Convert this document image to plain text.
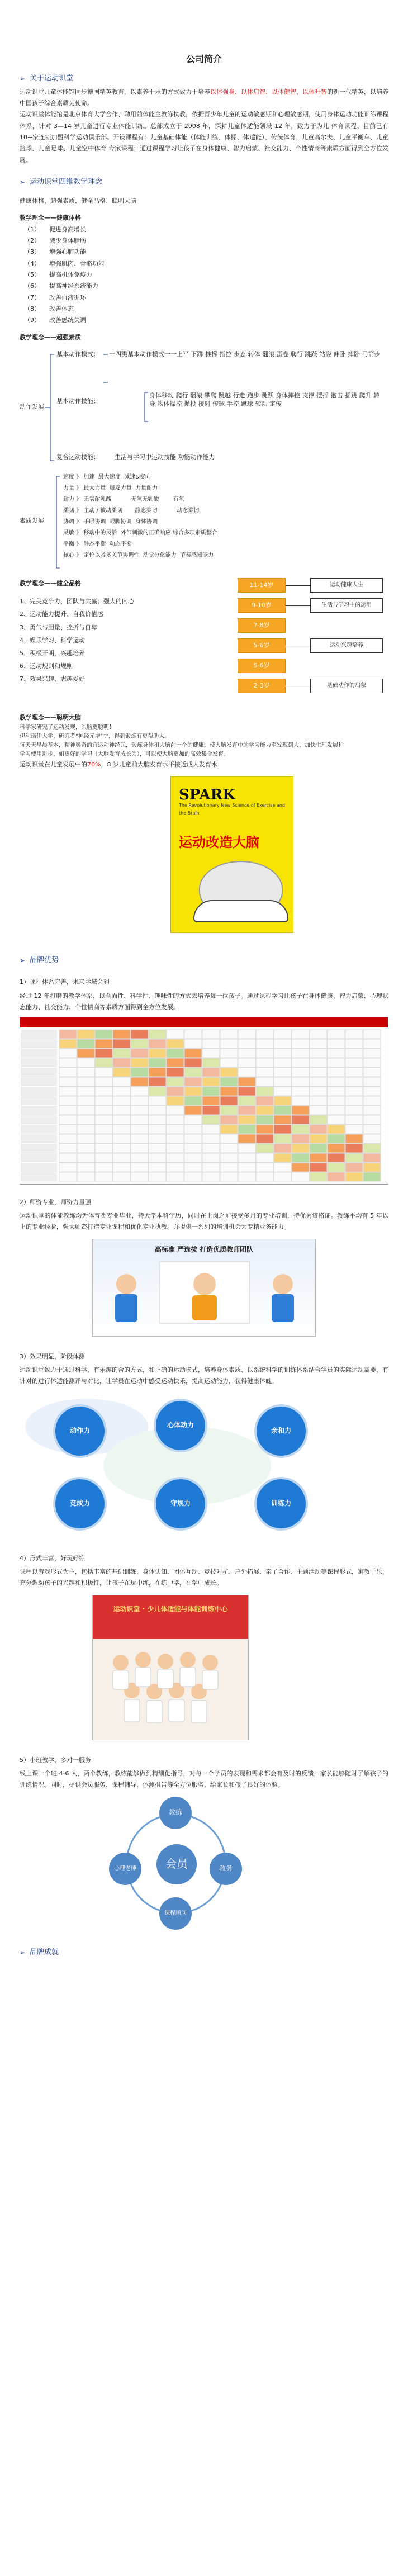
公司简介
➢ 关于运动识堂

运动识堂儿童体能馆同步德国精英教育，以素养于乐的方式致力于培养以体强身、以体启智、以体健智、以体升智的新一代精英，以培养中国孩子综合素质为使命。

运动识堂体能馆是北京体育大学合作、聘用前体能主教练执教，依据青少年儿童的运动敏感期和心理敏感期，使用身体运动功能训练课程体系，针对 3—14 岁儿童进行专业体能训练。总部成立于 2008 年，深耕儿童体适能领域 12 年，致力于为儿 体育课程、目前已有10+家连锁加盟科学运动俱乐部。开设课程有：儿童基础体能（体能训练、体操、体适能）、传统体育、儿童高尔夫、儿童平衡车、儿童篮球、儿童足球、儿童空中体育 专家课程；通过课程学习让孩子在身体健康、智力启蒙、社交能力、个性情商等素质方面得到全方位发展。

➢ 运动识堂四维教学理念

健康体格、超强素质、健全品格、聪明大脑

教学理念——健康体格

（1） 促进身高增长
（2） 减少身体脂肪
（3） 增强心肺功能
（4） 增强肌肉、骨骼功能
（5） 提高机体免疫力
（6） 提高神经系统能力
（7） 改善血液循环
（8） 改善体态
（9） 改善感统失调

教学理念——超强素质

动作发展
基本动作模式： 十四类基本动作模式一一上平 下蹲 推撑 指拉 步态 转体 翻滚 蛋卷 爬行 跳跃 站姿 伸卧 摔卧 弓箭步
基本动作技能：
身体移动 爬行 翻滚 攀爬 跳越 行走 跑步 跳跃 身体摔控 支撑 摆摇 抱击 摇跳 爬升 转身 物体操控 抛投 接射 传球 手控 蹴球 转动 定传
复合运动技能： 生活与学习中运动技能 功能动作能力
素质发展
速度 》 加速  最大速度  减速&变向
力量 》 最大力量  爆发力量  力量耐力
耐力 》 无氧耐乳酸           无氧无乳酸        有氧
柔韧 》 主动 / 被动柔韧       静态柔韧           动态柔韧
协调 》 手眼协调  眼脚协调  身体协调
灵敏 》 移动中的灵活  外部刺激的正确响应 综合多项素质整合
平衡 》 静态平衡  动态平衡
核心 》 定位以及多关节协调性  动觉分化能力  节奏感知能力

教学理念——健全品格

1、完美竞争力，团队与共赢；强大的内心
2、运动能力提升、自我价值感
3、勇气与胆量、挫折与自卑
4、娱乐学习、科学运动
5、积极开朗，兴趣培养
6、运动规则和规则
7、效果兴趣、志趣爱好
11-14岁	运动健康人生
9-10岁	生活与学习中的运用
7-8岁
5-6岁	运动兴趣培养
5-6岁
2-3岁	基础动作的启蒙

教学理念——聪明大脑

科学家研究了运动发现，头脑更聪明！
伊利诺伊大学，研究者"神经元增生"，得到锻炼有更帮助大。
每天天早晨基本，精神奥奇的宜运动神经元，锻炼身体和大脑前一个的健康，使大脑发育中的学习能力至发现到大，加快生理发展和
学习使用进步，如更好的学习（大脑发育成长为），可以使大脑更加的高效集合发育。

运动识堂在儿童发展中的70%，8 岁儿童前大脑发育水平接近成人发育水

SPARK
The Revolutionary New Science of Exercise and the Brain
运动改造大脑
➢ 品牌优势

1）课程体系完善，未来学域会翅

经过 12 年打磨的教学体系，以全面性、科学性、趣味性的方式去培养每一位孩子。通过课程学习让孩子在身体健康、智力启蒙、心理状态能力、社交能力、个性情商等素质方面得到全方位发展。

2）师资专业，师资力量强

运动识堂的体能教练均为体育类专业毕业，持大学本科学历，同时在上岗之前接受多月的专业培训，持优秀资格证。教练平均有 5 年以上的专业经验，强大师资打造专业课程和优化专业执教。并提供一系列的培训机会为专精业务能力。

高标准 严选拔 打造优质教师团队

3）效果明显，阶段体测

运动识堂致力于通过科学、有乐趣的合的方式，和正确的运动模式，培养身体素质、以系统科学的训练体系结合学员的实际运动需要，有针对的进行体适能测评与对比，让学员在运动中感受运动快乐，提高运动能力，获得健康体魄。

动作力
心体动力
亲和力
竞成力	守规力	训练力

4）形式丰富，好玩好练

课程以游戏形式为主，包括丰富的基础训练、身体认知、团体互动、竞技对抗、户外拓展、亲子合作、主题活动等课程形式，寓教于乐，充分调动孩子的兴趣和积极性，让孩子在玩中练，在练中学，在学中成长。

运动识堂 · 少儿体适能与体能训练中心

5）小班教学，多对一服务

线上课一个班 4-6 人，两个教练，教练能够做到精细化指导，对每一个学员的表现和需求都会有及时的反馈，家长能够随时了解孩子的训练情况。同时，提供会员服务、课程辅导、体测报告等全方位服务，给家长和孩子良好的体验。

会员
教练
教务
课程顾问
心理老师
➢ 品牌成就
